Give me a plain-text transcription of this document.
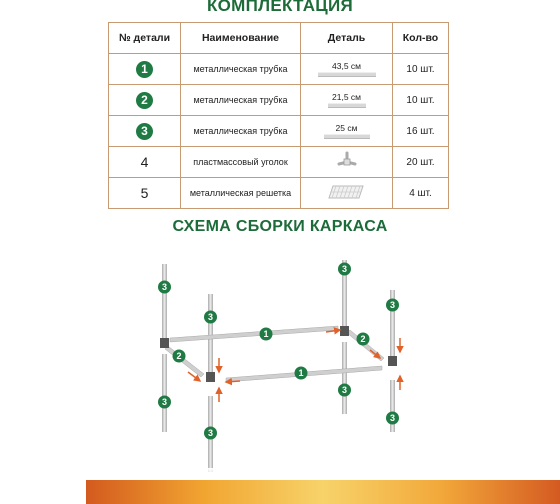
КОМПЛЕКТАЦИЯ
№ детали	Наименование	Деталь	Кол-во
1	металлическая трубка	43,5 см	10 шт.
2	металлическая трубка	21,5 см	10 шт.
3	металлическая трубка	25 см	16 шт.
4	пластмассовый уголок		20 шт.
5	металлическая решетка		4 шт.
СХЕМА СБОРКИ КАРКАСА
3
3
3
3
1
2
2
1
3
3
3
3
